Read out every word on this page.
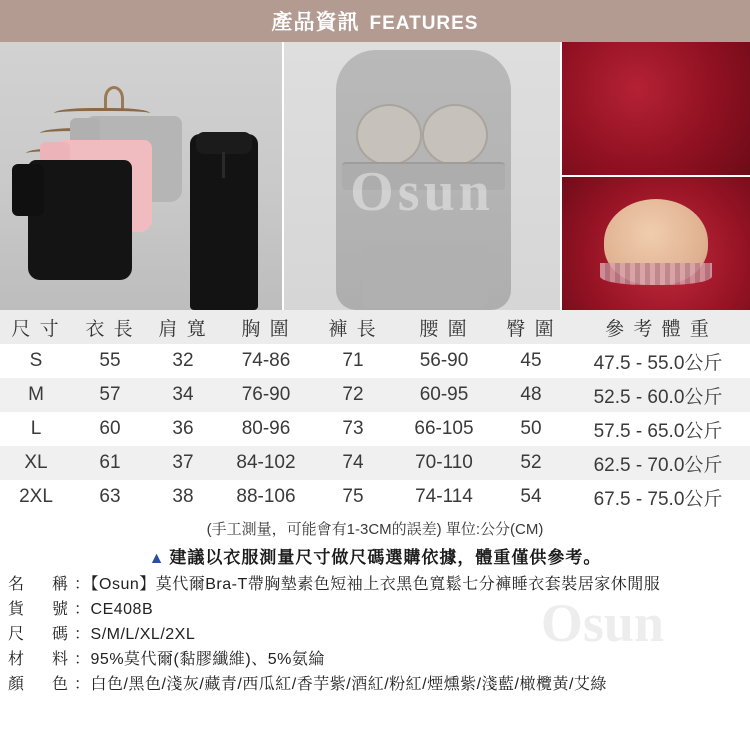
產品資訊 FEATURES
Osun
尺 寸	衣 長	肩 寬	胸 圍	褲 長	腰 圍	臀 圍	參 考 體 重
S	55	32	74-86	71	56-90	45	47.5 - 55.0公斤
M	57	34	76-90	72	60-95	48	52.5 - 60.0公斤
L	60	36	80-96	73	66-105	50	57.5 - 65.0公斤
XL	61	37	84-102	74	70-110	52	62.5 - 70.0公斤
2XL	63	38	88-106	75	74-114	54	67.5 - 75.0公斤
(手工測量，可能會有1-3CM的誤差) 單位:公分(CM)
▲ 建議以衣服測量尺寸做尺碼選購依據，體重僅供參考。
名　稱：【Osun】莫代爾Bra-T帶胸墊素色短袖上衣黑色寬鬆七分褲睡衣套裝居家休閒服
貨　號：CE408B
尺　碼：S/M/L/XL/2XL
材　料：95%莫代爾(黏膠纖維)、5%氨綸
顏　色：白色/黑色/淺灰/藏青/西瓜紅/香芋紫/酒紅/粉紅/煙燻紫/淺藍/橄欖黃/艾綠
Osun
